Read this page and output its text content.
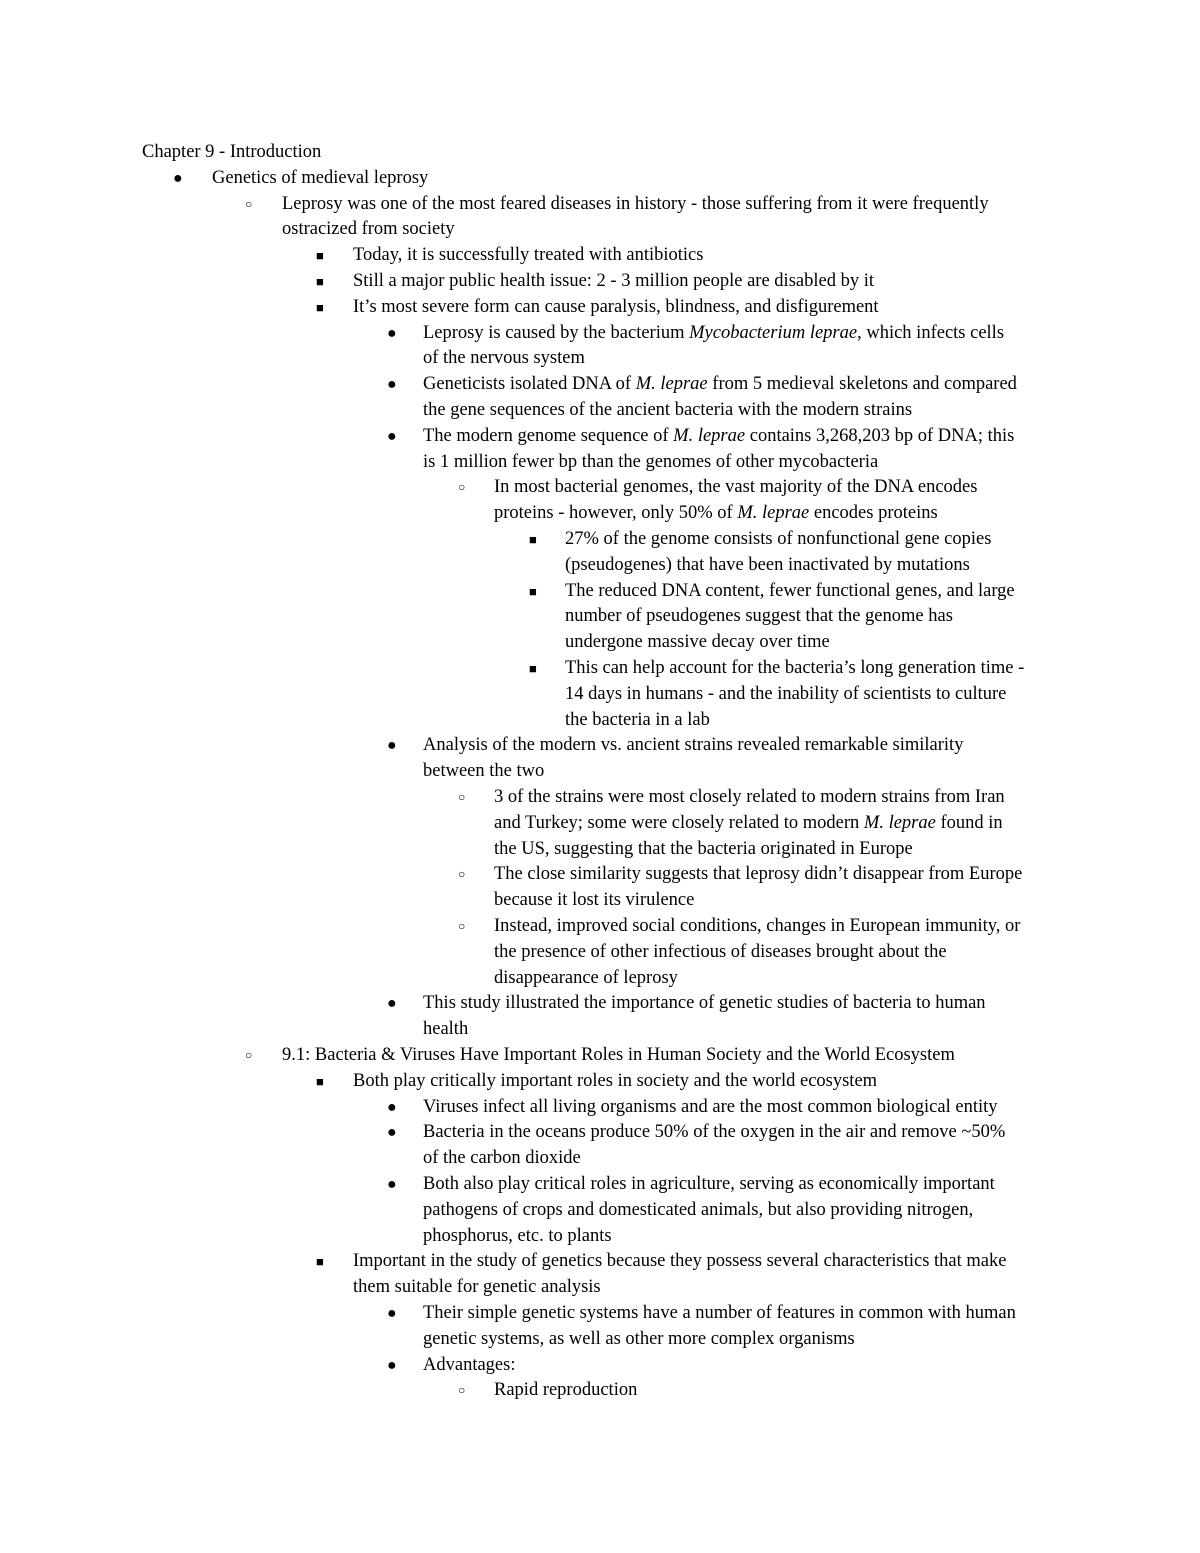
Chapter 9 - Introduction
● Genetics of medieval leprosy
○ Leprosy was one of the most feared diseases in history - those suffering from it were frequently
ostracized from society
■ Today, it is successfully treated with antibiotics
■ Still a major public health issue: 2 - 3 million people are disabled by it
■ It’s most severe form can cause paralysis, blindness, and disfigurement
● Leprosy is caused by the bacterium Mycobacterium leprae, which infects cells
of the nervous system
● Geneticists isolated DNA of M. leprae from 5 medieval skeletons and compared
the gene sequences of the ancient bacteria with the modern strains
● The modern genome sequence of M. leprae contains 3,268,203 bp of DNA; this
is 1 million fewer bp than the genomes of other mycobacteria
○ In most bacterial genomes, the vast majority of the DNA encodes
proteins - however, only 50% of M. leprae encodes proteins
■ 27% of the genome consists of nonfunctional gene copies
(pseudogenes) that have been inactivated by mutations
■ The reduced DNA content, fewer functional genes, and large
number of pseudogenes suggest that the genome has
undergone massive decay over time
■ This can help account for the bacteria’s long generation time -
14 days in humans - and the inability of scientists to culture
the bacteria in a lab
● Analysis of the modern vs. ancient strains revealed remarkable similarity
between the two
○ 3 of the strains were most closely related to modern strains from Iran
and Turkey; some were closely related to modern M. leprae found in
the US, suggesting that the bacteria originated in Europe
○ The close similarity suggests that leprosy didn’t disappear from Europe
because it lost its virulence
○ Instead, improved social conditions, changes in European immunity, or
the presence of other infectious of diseases brought about the
disappearance of leprosy
● This study illustrated the importance of genetic studies of bacteria to human
health
○ 9.1: Bacteria & Viruses Have Important Roles in Human Society and the World Ecosystem
■ Both play critically important roles in society and the world ecosystem
● Viruses infect all living organisms and are the most common biological entity
● Bacteria in the oceans produce 50% of the oxygen in the air and remove ~50%
of the carbon dioxide
● Both also play critical roles in agriculture, serving as economically important
pathogens of crops and domesticated animals, but also providing nitrogen,
phosphorus, etc. to plants
■ Important in the study of genetics because they possess several characteristics that make
them suitable for genetic analysis
● Their simple genetic systems have a number of features in common with human
genetic systems, as well as other more complex organisms
● Advantages:
○ Rapid reproduction
